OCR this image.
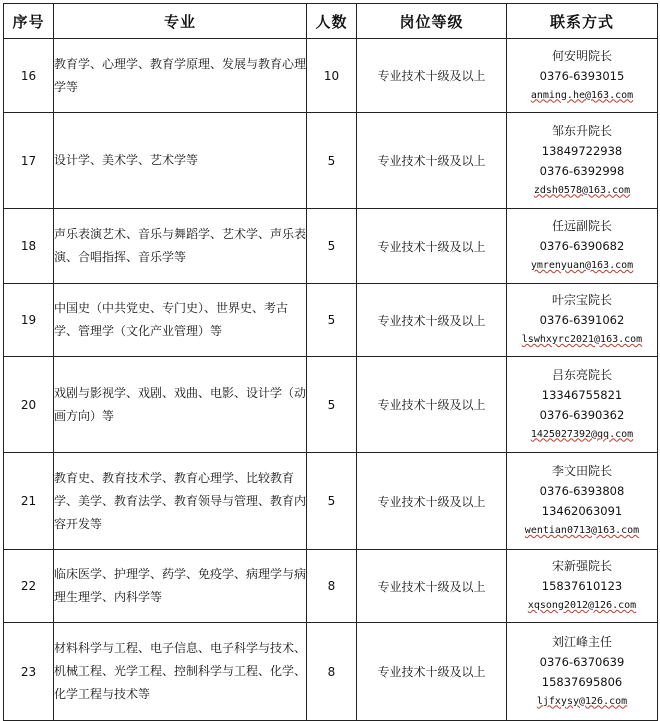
序号	专业	人数	岗位等级	联系方式
16	教育学、心理学、教育学原理、发展与教育心理学等	10	专业技术十级及以上	何安明院长
0376-6393015
anming.he@163.com

17	设计学、美术学、艺术学等	5	专业技术十级及以上	邹东升院长
13849722938
0376-6392998
zdsh0578@163.com

18	声乐表演艺术、音乐与舞蹈学、艺术学、声乐表演、合唱指挥、音乐学等	5	专业技术十级及以上	任远副院长
0376-6390682
ymrenyuan@163.com

19	中国史（中共党史、专门史）、世界史、考古学、管理学（文化产业管理）等	5	专业技术十级及以上	叶宗宝院长
0376-6391062
lswhxyrc2021@163.com

20	戏剧与影视学、戏剧、戏曲、电影、设计学（动画方向）等	5	专业技术十级及以上	吕东亮院长
13346755821
0376-6390362
1425027392@qq.com

21	教育史、教育技术学、教育心理学、比较教育学、美学、教育法学、教育领导与管理、教育内容开发等	5	专业技术十级及以上	李文田院长
0376-6393808
13462063091
wentian0713@163.com

22	临床医学、护理学、药学、免疫学、病理学与病理生理学、内科学等	8	专业技术十级及以上	宋新强院长
15837610123
xqsong2012@126.com

23	材料科学与工程、电子信息、电子科学与技术、机械工程、光学工程、控制科学与工程、化学、化学工程与技术等	8	专业技术十级及以上	刘江峰主任
0376-6370639
15837695806
ljfxysy@126.com
